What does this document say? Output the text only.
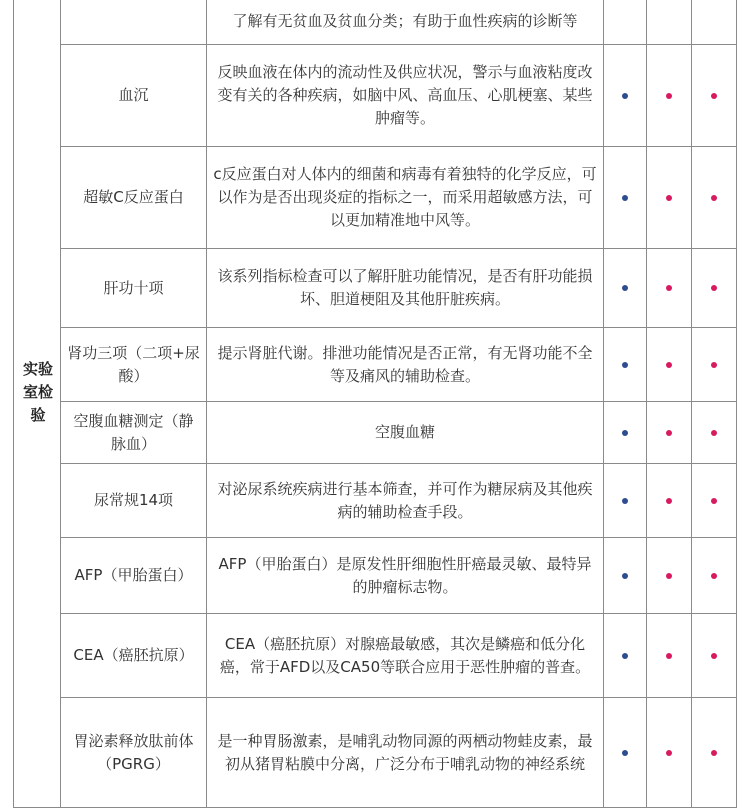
实验室检验		了解有无贫血及贫血分类；有助于血性疾病的诊断等			

	血沉	反映血液在体内的流动性及供应状况，警示与血液粘度改变有关的各种疾病，如脑中风、高血压、心肌梗塞、某些肿瘤等。			
	超敏C反应蛋白	c反应蛋白对人体内的细菌和病毒有着独特的化学反应，可以作为是否出现炎症的指标之一，而采用超敏感方法，可以更加精准地中风等。			
	肝功十项	该系列指标检查可以了解肝脏功能情况，是否有肝功能损坏、胆道梗阻及其他肝脏疾病。			
	肾功三项（二项+尿酸）	提示肾脏代谢。排泄功能情况是否正常，有无肾功能不全等及痛风的辅助检查。			
	空腹血糖测定（静脉血）	空腹血糖			
	尿常规14项	对泌尿系统疾病进行基本筛查，并可作为糖尿病及其他疾病的辅助检查手段。			
	AFP（甲胎蛋白）	AFP（甲胎蛋白）是原发性肝细胞性肝癌最灵敏、最特异的肿瘤标志物。			
	CEA（癌胚抗原）	CEA（癌胚抗原）对腺癌最敏感，其次是鳞癌和低分化癌，常于AFD以及CA50等联合应用于恶性肿瘤的普查。			
	胃泌素释放肽前体（PGRG）	是一种胃肠激素，是哺乳动物同源的两栖动物蛙皮素，最初从猪胃粘膜中分离，广泛分布于哺乳动物的神经系统			
